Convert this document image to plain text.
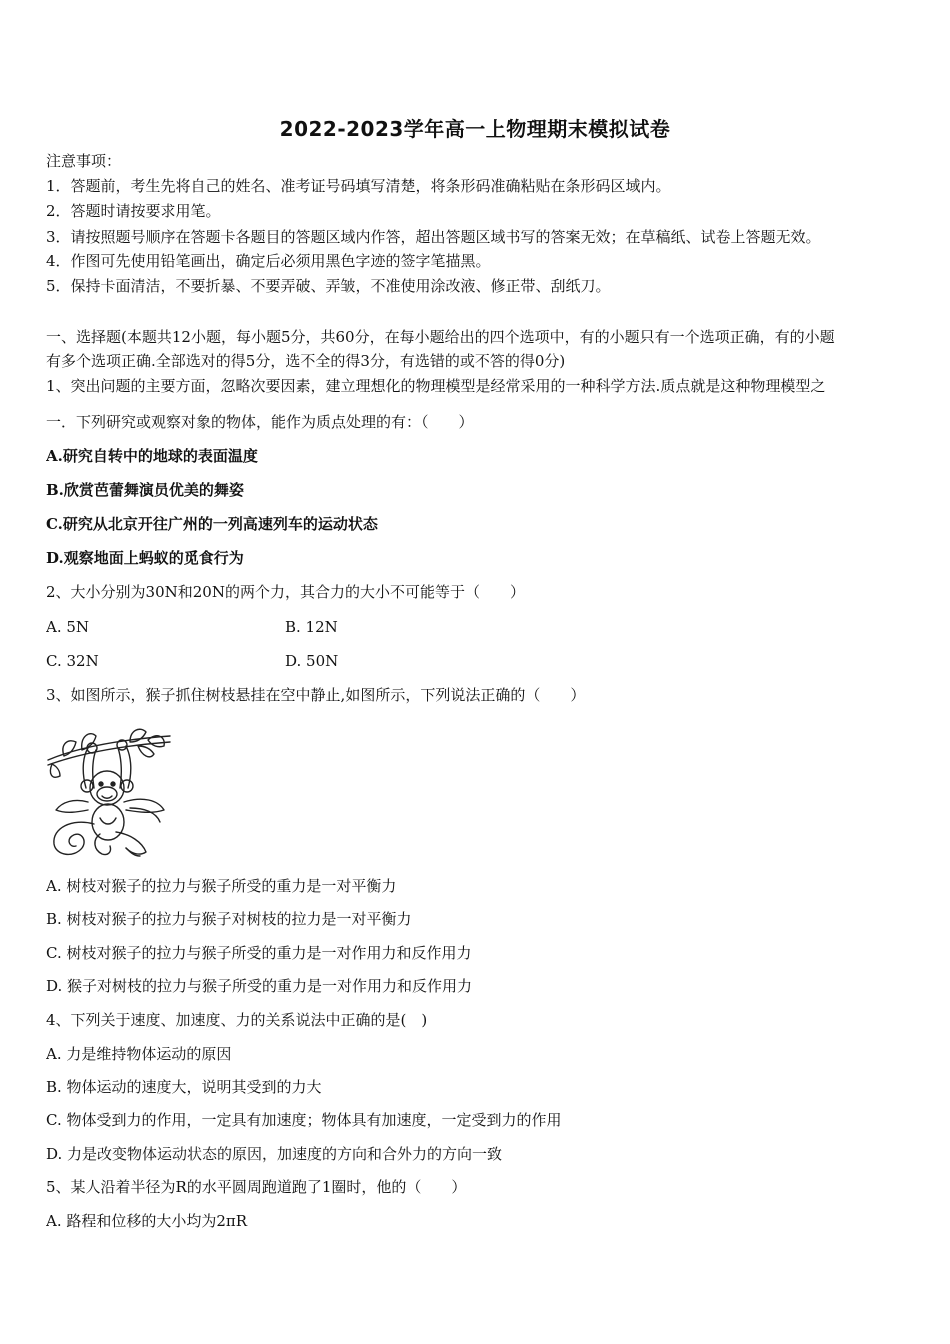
2022-2023学年高一上物理期末模拟试卷
注意事项：
1．答题前，考生先将自己的姓名、准考证号码填写清楚，将条形码准确粘贴在条形码区域内。
2．答题时请按要求用笔。
3．请按照题号顺序在答题卡各题目的答题区域内作答，超出答题区域书写的答案无效；在草稿纸、试卷上答题无效。
4．作图可先使用铅笔画出，确定后必须用黑色字迹的签字笔描黑。
5．保持卡面清洁，不要折暴、不要弄破、弄皱，不准使用涂改液、修正带、刮纸刀。
一、选择题(本题共12小题，每小题5分，共60分，在每小题给出的四个选项中，有的小题只有一个选项正确，有的小题
有多个选项正确.全部选对的得5分，选不全的得3分，有选错的或不答的得0分)
1、突出问题的主要方面，忽略次要因素，建立理想化的物理模型是经常采用的一种科学方法.质点就是这种物理模型之
一．下列研究或观察对象的物体，能作为质点处理的有：（　　）
A.研究自转中的地球的表面温度
B.欣赏芭蕾舞演员优美的舞姿
C.研究从北京开往广州的一列高速列车的运动状态
D.观察地面上蚂蚁的觅食行为
2、大小分别为30N和20N的两个力，其合力的大小不可能等于（　　）
A. 5N	B. 12N
C. 32N	D. 50N
3、如图所示，猴子抓住树枝悬挂在空中静止,如图所示，下列说法正确的（　　）
A. 树枝对猴子的拉力与猴子所受的重力是一对平衡力
B. 树枝对猴子的拉力与猴子对树枝的拉力是一对平衡力
C. 树枝对猴子的拉力与猴子所受的重力是一对作用力和反作用力
D. 猴子对树枝的拉力与猴子所受的重力是一对作用力和反作用力
4、下列关于速度、加速度、力的关系说法中正确的是(　)
A. 力是维持物体运动的原因
B. 物体运动的速度大，说明其受到的力大
C. 物体受到力的作用，一定具有加速度；物体具有加速度，一定受到力的作用
D. 力是改变物体运动状态的原因，加速度的方向和合外力的方向一致
5、某人沿着半径为R的水平圆周跑道跑了1圈时，他的（　　）
A. 路程和位移的大小均为2πR
